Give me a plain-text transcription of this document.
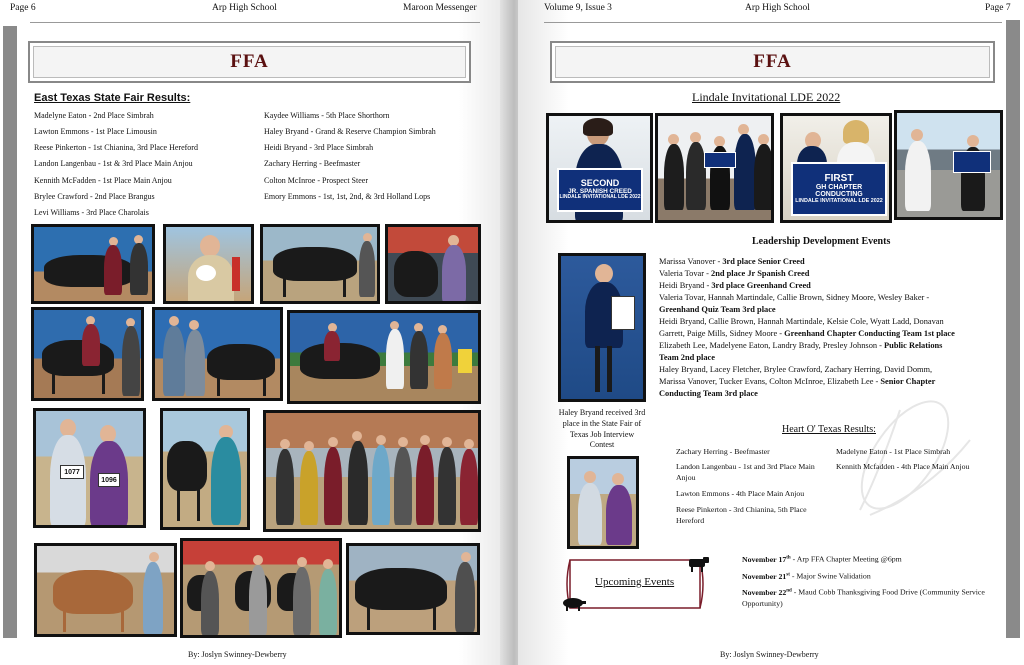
Page 6	Arp High School	Maroon Messenger
FFA
East Texas State Fair Results:
Madelyne Eaton - 2nd Place Simbrah
Lawton Emmons - 1st Place Limousin
Reese Pinkerton - 1st Chianina, 3rd Place Hereford
Landon Langenbau - 1st & 3rd Place Main Anjou
Kennith McFadden - 1st Place Main Anjou
Brylee Crawford - 2nd Place Brangus
Levi Williams - 3rd Place Charolais
Kaydee Williams - 5th Place Shorthorn
Haley Bryand - Grand & Reserve Champion Simbrah
Heidi Bryand - 3rd Place Simbrah
Zachary Herring - Beefmaster
Colton McInroe - Prospect Steer
Emory Emmons - 1st, 1st, 2nd, & 3rd Holland Lops
1077
1096
By: Joslyn Swinney-Dewberry
Volume 9, Issue 3	Arp High School	Page 7
FFA
Lindale Invitational LDE 2022
SECOND
JR. SPANISH CREED
LINDALE INVITATIONAL LDE 2022
FIRST
GH CHAPTER CONDUCTING
LINDALE INVITATIONAL LDE 2022
Leadership Development Events
Marissa Vanover - 3rd place Senior Creed
Valeria Tovar - 2nd place Jr Spanish Creed
Heidi Bryand - 3rd place Greenhand Creed
Valeria Tovar, Hannah Martindale, Callie Brown, Sidney Moore, Wesley Baker -
Greenhand Quiz Team 3rd place
Heidi Bryand, Callie Brown, Hannah Martindale, Kelsie Cole, Wyatt Ladd, Donavan
Garrett, Paige Mills, Sidney Moore - Greenhand Chapter Conducting Team 1st place
Elizabeth Lee, Madelyene Eaton, Landry Brady, Presley Johnson - Public Relations
Team 2nd place
Haley Bryand, Lacey Fletcher, Brylee Crawford, Zachary Herring, David Domm,
Marissa Vanover, Tucker Evans, Colton McInroe, Elizabeth Lee - Senior Chapter
Conducting Team 3rd place
Haley Bryand received 3rd place in the State Fair of Texas Job Interview Contest
Heart O' Texas Results:
Zachary Herring - Beefmaster
Landon Langenbau - 1st and 3rd Place Main Anjou
Lawton Emmons - 4th Place Main Anjou
Reese Pinkerton - 3rd Chianina, 5th Place Hereford
Madelyne Eaton - 1st Place Simbrah
Kennith Mcfadden - 4th Place Main Anjou
Upcoming Events
November 17th - Arp FFA Chapter Meeting @6pm
November 21st - Major Swine Validation
November 22nd - Maud Cobb Thanksgiving Food Drive (Community Service Opportunity)
By: Joslyn Swinney-Dewberry
